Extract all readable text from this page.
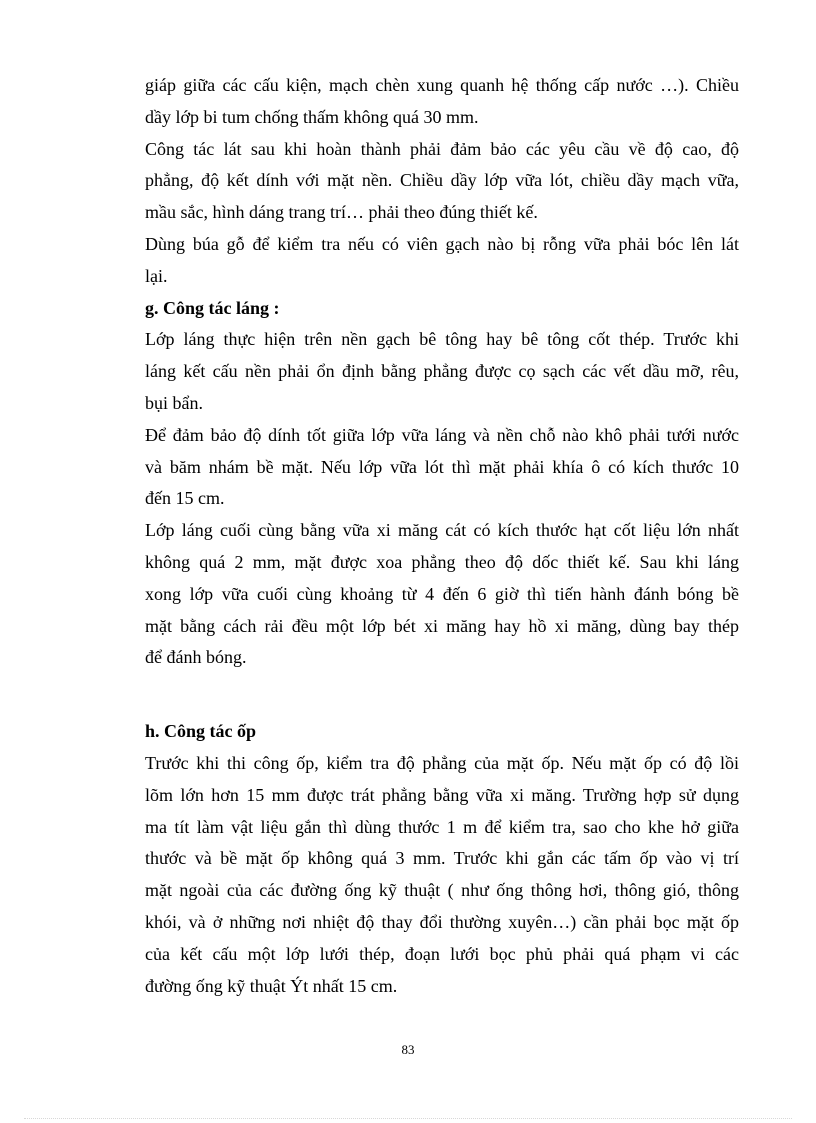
giáp giữa các cấu kiện, mạch chèn xung quanh hệ thống cấp nước …). Chiều
dầy lớp bi tum chống thấm không quá 30 mm.
Công tác lát sau khi hoàn thành phải đảm bảo các yêu cầu về độ cao, độ
phẳng, độ kết dính với mặt nền. Chiều dầy lớp vữa lót, chiều dầy mạch vữa,
mầu sắc, hình dáng trang trí… phải theo đúng thiết kế.
Dùng búa gỗ để kiểm tra nếu có viên gạch nào bị rỗng vữa phải bóc lên lát
lại.
g. Công tác láng :
Lớp láng thực hiện trên nền gạch bê tông hay bê tông cốt thép. Trước khi
láng kết cấu nền phải ổn định bằng phẳng được cọ sạch các vết dầu mỡ, rêu,
bụi bẩn.
Để đảm bảo độ dính tốt giữa lớp vữa láng và nền chỗ nào khô phải tưới nước
và băm nhám bề mặt. Nếu lớp vữa lót thì mặt phải khía ô có kích thước 10
đến 15 cm.
Lớp láng cuối cùng bằng vữa xi măng cát có kích thước hạt cốt liệu lớn nhất
không quá 2 mm, mặt được xoa phẳng theo độ dốc thiết kế. Sau khi láng
xong lớp vữa cuối cùng khoảng từ 4 đến 6 giờ thì tiến hành đánh bóng bề
mặt bằng cách rải đều một lớp bét xi măng hay hồ xi măng, dùng bay thép
để đánh bóng.
h. Công tác ốp
Trước khi thi công ốp, kiểm tra độ phẳng của mặt ốp. Nếu mặt ốp có độ lồi
lõm lớn hơn 15 mm được trát phẳng bằng vữa xi măng. Trường hợp sử dụng
ma tít làm vật liệu gắn thì dùng thước 1 m để kiểm tra, sao cho khe hở giữa
thước và bề mặt ốp không quá 3 mm. Trước khi gắn các tấm ốp vào vị trí
mặt ngoài của các đường ống kỹ thuật ( như ống thông hơi, thông gió, thông
khói, và ở những nơi nhiệt độ thay đổi thường xuyên…) cần phải bọc mặt ốp
của kết cấu một lớp lưới thép, đoạn lưới bọc phủ phải quá phạm vi các
đường ống kỹ thuật Ýt nhất 15 cm.
83
